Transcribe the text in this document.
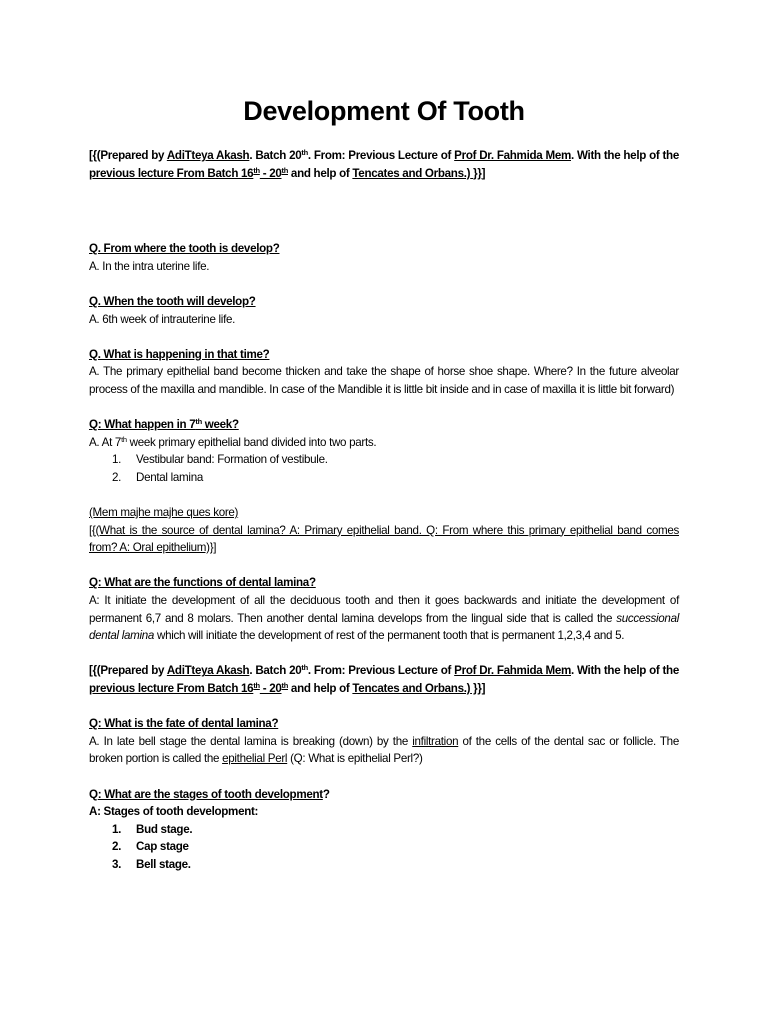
Development Of Tooth

[{(Prepared by AdiTteya Akash. Batch 20th. From: Previous Lecture of Prof Dr. Fahmida Mem. With the help of the previous lecture From Batch 16th - 20th and help of Tencates and Orbans.) }}]

Q. From where the tooth is develop?

A. In the intra uterine life.

Q. When the tooth will develop?

A. 6th week of intrauterine life.

Q. What is happening in that time?

A. The primary epithelial band become thicken and take the shape of horse shoe shape. Where? In the future alveolar process of the maxilla and mandible. In case of the Mandible it is little bit inside and in case of maxilla it is little bit forward)

Q: What happen in 7th week?

A. At 7th week primary epithelial band divided into two parts.

1. Vestibular band: Formation of vestibule.
2. Dental lamina

(Mem majhe majhe ques kore)

[{(What is the source of dental lamina? A: Primary epithelial band. Q: From where this primary epithelial band comes from? A: Oral epithelium)}]

Q: What are the functions of dental lamina?

A: It initiate the development of all the deciduous tooth and then it goes backwards and initiate the development of permanent 6,7 and 8 molars. Then another dental lamina develops from the lingual side that is called the successional dental lamina which will initiate the development of rest of the permanent tooth that is permanent 1,2,3,4 and 5.

[{(Prepared by AdiTteya Akash. Batch 20th. From: Previous Lecture of Prof Dr. Fahmida Mem. With the help of the previous lecture From Batch 16th - 20th and help of Tencates and Orbans.) }}]

Q: What is the fate of dental lamina?

A. In late bell stage the dental lamina is breaking (down) by the infiltration of the cells of the dental sac or follicle. The broken portion is called the epithelial Perl (Q: What is epithelial Perl?)

Q: What are the stages of tooth development?

A: Stages of tooth development:

1. Bud stage.
2. Cap stage
3. Bell stage.
